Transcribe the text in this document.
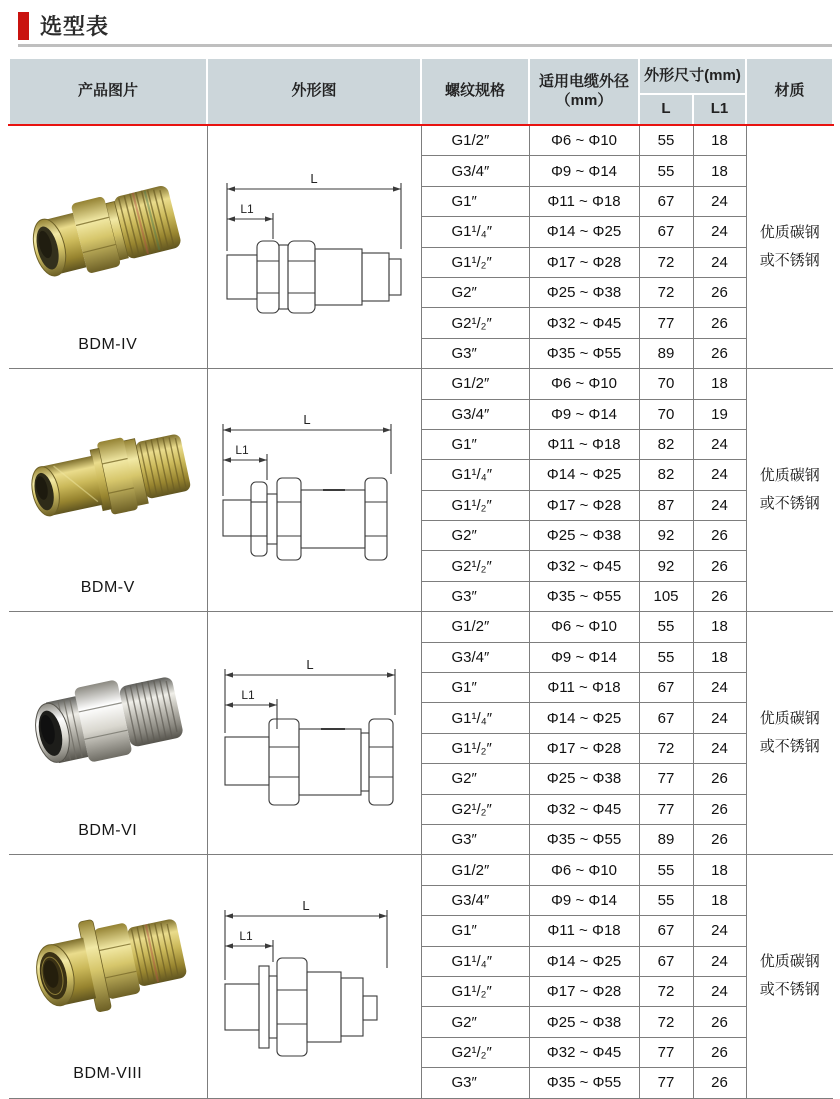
选型表
产品图片	外形图	螺纹规格	适用电缆外径
（mm）	外形尺寸(mm)		材质
				L	L1	

BDM-IV

L
L1
	G1/2″	Φ6 ~ Φ10	55	18	
优质碳钢
或不锈钢

		G3/4″	Φ9 ~ Φ14	55	18	
		G1″	Φ11 ~ Φ18	67	24	
		G1¹/₄″	Φ14 ~ Φ25	67	24	
		G1¹/₂″	Φ17 ~ Φ28	72	24	
		G2″	Φ25 ~ Φ38	72	26	
		G2¹/₂″	Φ32 ~ Φ45	77	26	
		G3″	Φ35 ~ Φ55	89	26	

BDM-V

L
L1
	G1/2″	Φ6 ~ Φ10	70	18	
优质碳钢
或不锈钢

		G3/4″	Φ9 ~ Φ14	70	19	
		G1″	Φ11 ~ Φ18	82	24	
		G1¹/₄″	Φ14 ~ Φ25	82	24	
		G1¹/₂″	Φ17 ~ Φ28	87	24	
		G2″	Φ25 ~ Φ38	92	26	
		G2¹/₂″	Φ32 ~ Φ45	92	26	
		G3″	Φ35 ~ Φ55	105	26	

BDM-VI

L
L1
	G1/2″	Φ6 ~ Φ10	55	18	
优质碳钢
或不锈钢

		G3/4″	Φ9 ~ Φ14	55	18	
		G1″	Φ11 ~ Φ18	67	24	
		G1¹/₄″	Φ14 ~ Φ25	67	24	
		G1¹/₂″	Φ17 ~ Φ28	72	24	
		G2″	Φ25 ~ Φ38	77	26	
		G2¹/₂″	Φ32 ~ Φ45	77	26	
		G3″	Φ35 ~ Φ55	89	26	

BDM-VIII

L
L1
	G1/2″	Φ6 ~ Φ10	55	18	
优质碳钢
或不锈钢

		G3/4″	Φ9 ~ Φ14	55	18	
		G1″	Φ11 ~ Φ18	67	24	
		G1¹/₄″	Φ14 ~ Φ25	67	24	
		G1¹/₂″	Φ17 ~ Φ28	72	24	
		G2″	Φ25 ~ Φ38	72	26	
		G2¹/₂″	Φ32 ~ Φ45	77	26	
		G3″	Φ35 ~ Φ55	77	26	
